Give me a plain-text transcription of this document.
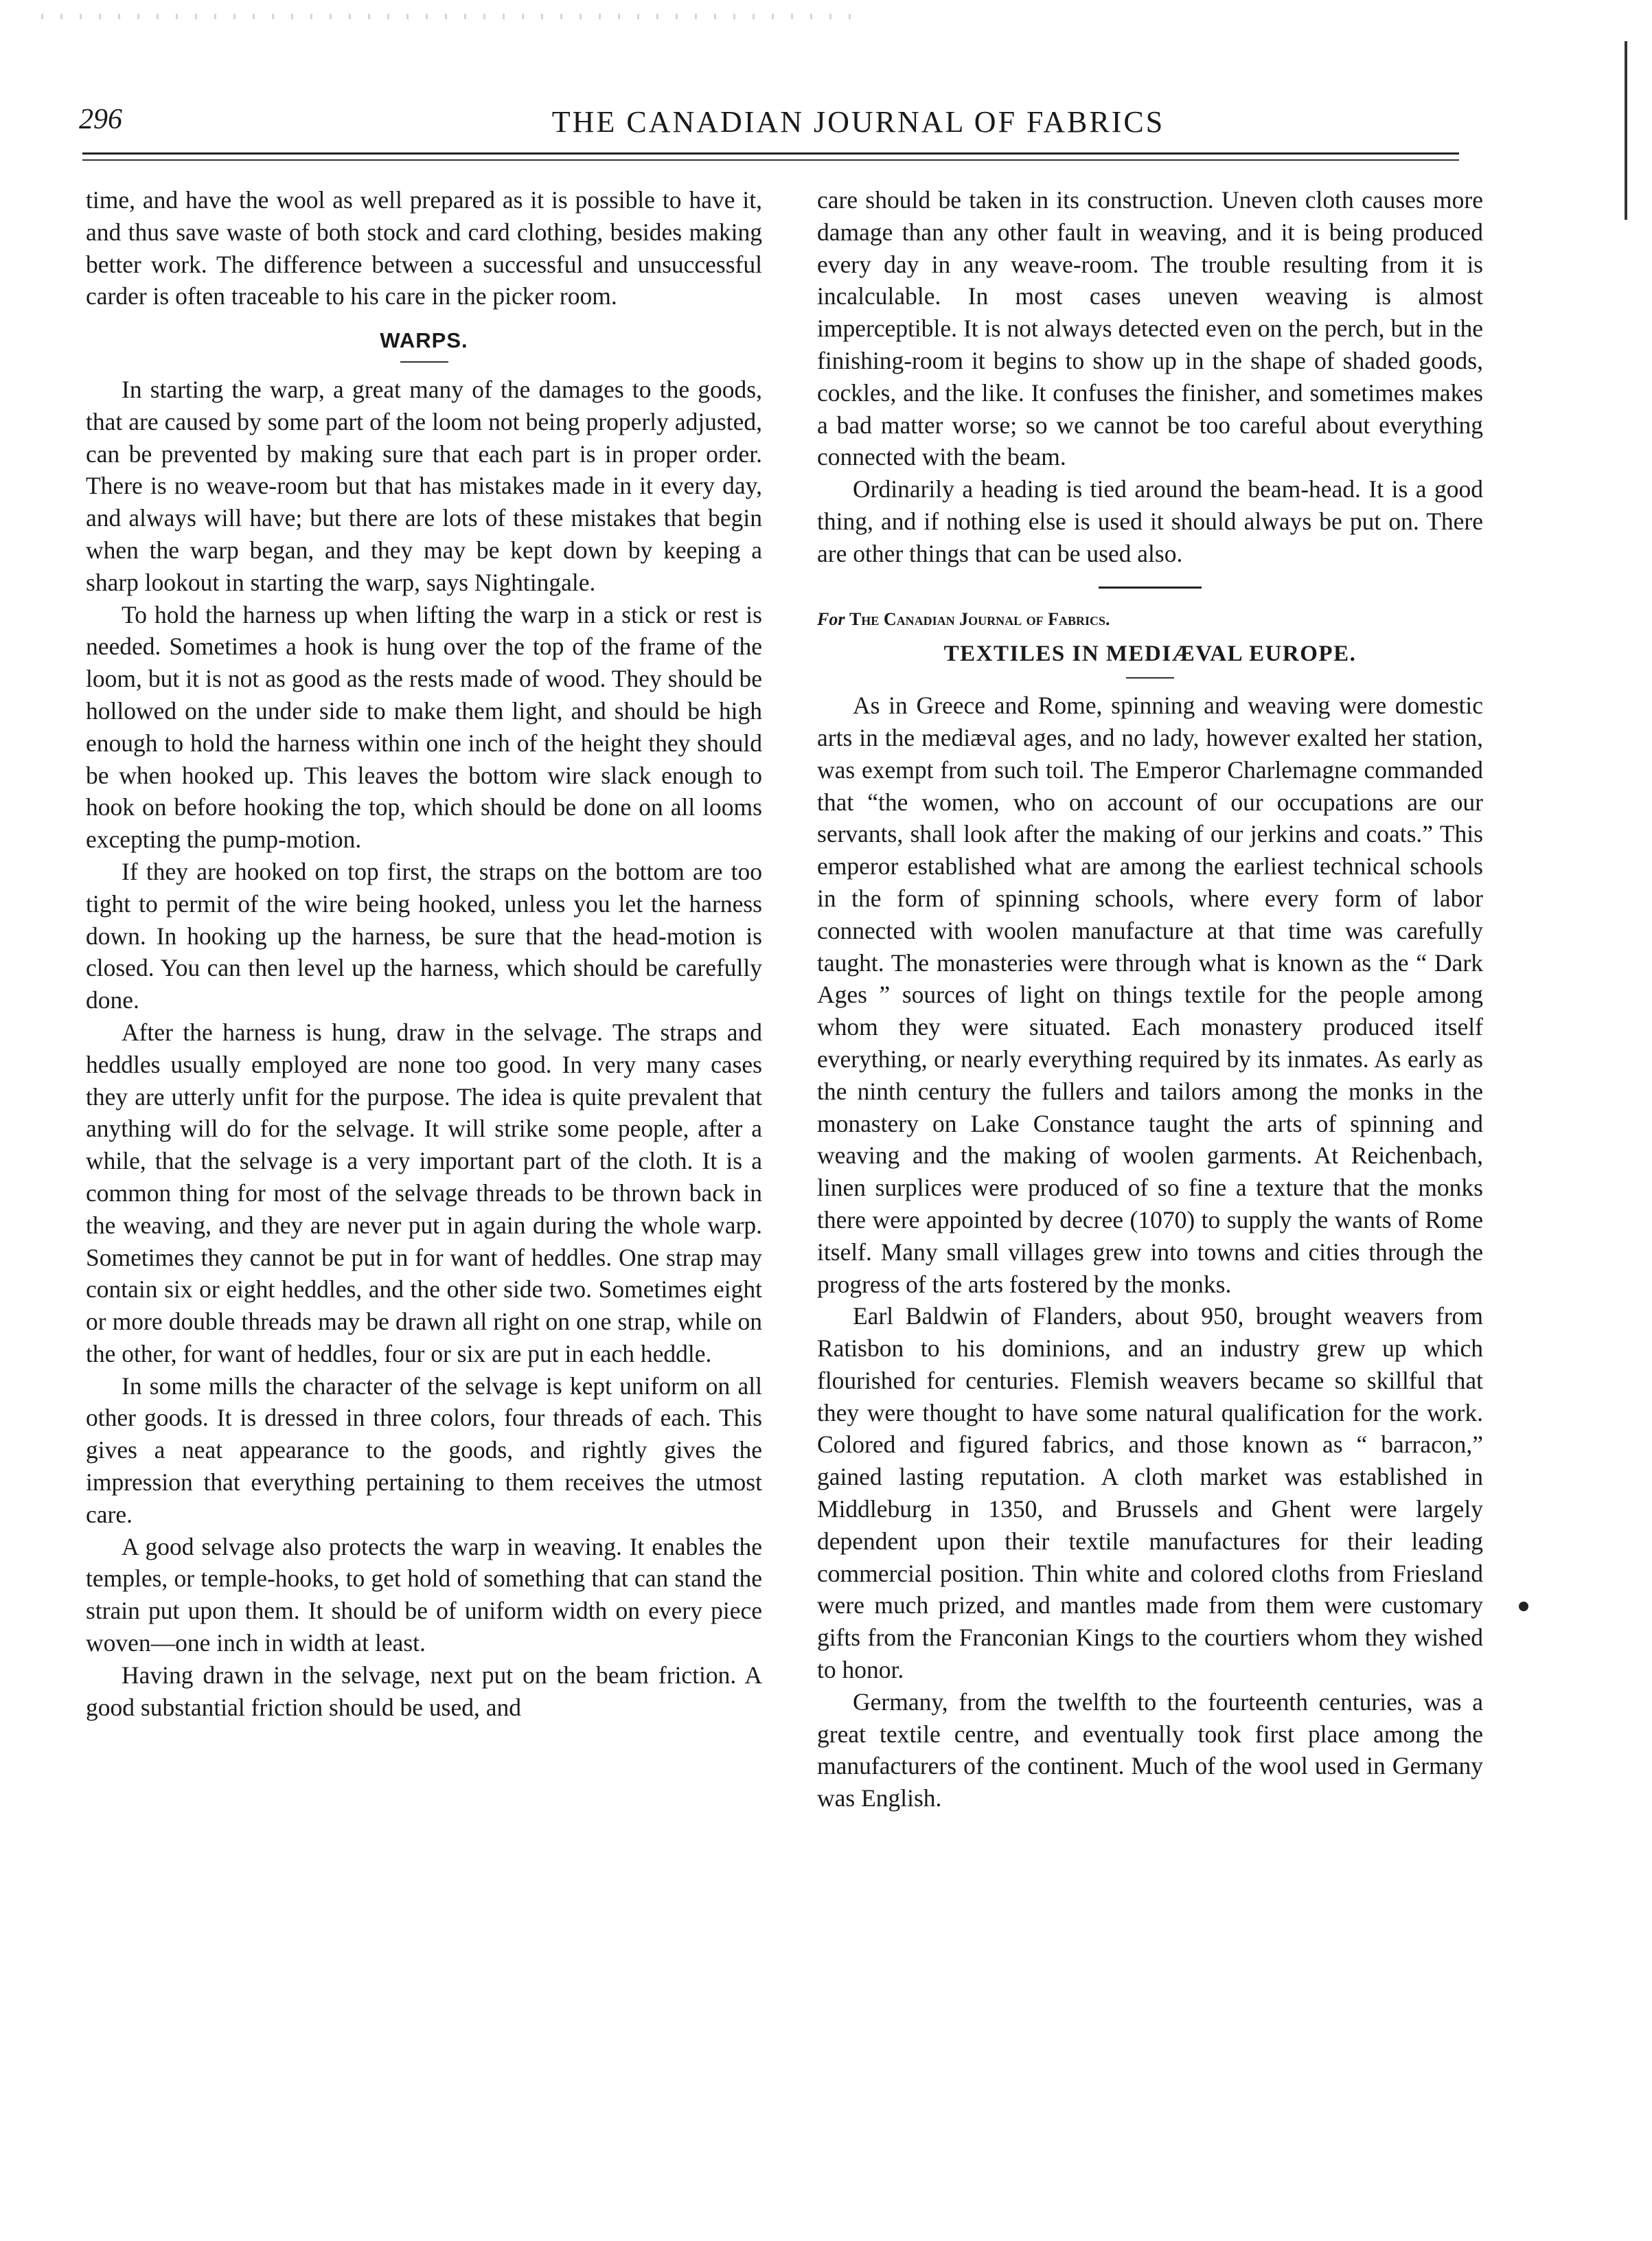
296	THE CANADIAN JOURNAL OF FABRICS

time, and have the wool as well prepared as it is possible to have it, and thus save waste of both stock and card clothing, besides making better work. The difference between a successful and unsuccessful carder is often traceable to his care in the picker room.

WARPS.

In starting the warp, a great many of the damages to the goods, that are caused by some part of the loom not being properly adjusted, can be prevented by making sure that each part is in proper order. There is no weave-room but that has mistakes made in it every day, and always will have; but there are lots of these mistakes that begin when the warp began, and they may be kept down by keeping a sharp lookout in starting the warp, says Nightingale.

To hold the harness up when lifting the warp in a stick or rest is needed. Sometimes a hook is hung over the top of the frame of the loom, but it is not as good as the rests made of wood. They should be hollowed on the under side to make them light, and should be high enough to hold the harness within one inch of the height they should be when hooked up. This leaves the bottom wire slack enough to hook on before hooking the top, which should be done on all looms excepting the pump-motion.

If they are hooked on top first, the straps on the bottom are too tight to permit of the wire being hooked, unless you let the harness down. In hooking up the harness, be sure that the head-motion is closed. You can then level up the harness, which should be carefully done.

After the harness is hung, draw in the selvage. The straps and heddles usually employed are none too good. In very many cases they are utterly unfit for the purpose. The idea is quite prevalent that anything will do for the selvage. It will strike some people, after a while, that the selvage is a very important part of the cloth. It is a common thing for most of the selvage threads to be thrown back in the weaving, and they are never put in again during the whole warp. Sometimes they cannot be put in for want of heddles. One strap may contain six or eight heddles, and the other side two. Sometimes eight or more double threads may be drawn all right on one strap, while on the other, for want of heddles, four or six are put in each heddle.

In some mills the character of the selvage is kept uniform on all other goods. It is dressed in three colors, four threads of each. This gives a neat appearance to the goods, and rightly gives the impression that everything pertaining to them receives the utmost care.

A good selvage also protects the warp in weaving. It enables the temples, or temple-hooks, to get hold of something that can stand the strain put upon them. It should be of uniform width on every piece woven—one inch in width at least.

Having drawn in the selvage, next put on the beam friction. A good substantial friction should be used, and

care should be taken in its construction. Uneven cloth causes more damage than any other fault in weaving, and it is being produced every day in any weave-room. The trouble resulting from it is incalculable. In most cases uneven weaving is almost imperceptible. It is not always detected even on the perch, but in the finishing-room it begins to show up in the shape of shaded goods, cockles, and the like. It confuses the finisher, and sometimes makes a bad matter worse; so we cannot be too careful about everything connected with the beam.

Ordinarily a heading is tied around the beam-head. It is a good thing, and if nothing else is used it should always be put on. There are other things that can be used also.

For The Canadian Journal of Fabrics.
TEXTILES IN MEDIÆVAL EUROPE.

As in Greece and Rome, spinning and weaving were domestic arts in the mediæval ages, and no lady, however exalted her station, was exempt from such toil. The Emperor Charlemagne commanded that “the women, who on account of our occupations are our servants, shall look after the making of our jerkins and coats.” This emperor established what are among the earliest technical schools in the form of spinning schools, where every form of labor connected with woolen manufacture at that time was carefully taught. The monasteries were through what is known as the “ Dark Ages ” sources of light on things textile for the people among whom they were situated. Each monastery produced itself everything, or nearly everything required by its inmates. As early as the ninth century the fullers and tailors among the monks in the monastery on Lake Constance taught the arts of spinning and weaving and the making of woolen garments. At Reichenbach, linen surplices were produced of so fine a texture that the monks there were appointed by decree (1070) to supply the wants of Rome itself. Many small villages grew into towns and cities through the progress of the arts fostered by the monks.

Earl Baldwin of Flanders, about 950, brought weavers from Ratisbon to his dominions, and an industry grew up which flourished for centuries. Flemish weavers became so skillful that they were thought to have some natural qualification for the work. Colored and figured fabrics, and those known as “ barracon,” gained lasting reputation. A cloth market was established in Middleburg in 1350, and Brussels and Ghent were largely dependent upon their textile manufactures for their leading commercial position. Thin white and colored cloths from Friesland were much prized, and mantles made from them were customary gifts from the Franconian Kings to the courtiers whom they wished to honor.

Germany, from the twelfth to the fourteenth centuries, was a great textile centre, and eventually took first place among the manufacturers of the continent. Much of the wool used in Germany was English.
